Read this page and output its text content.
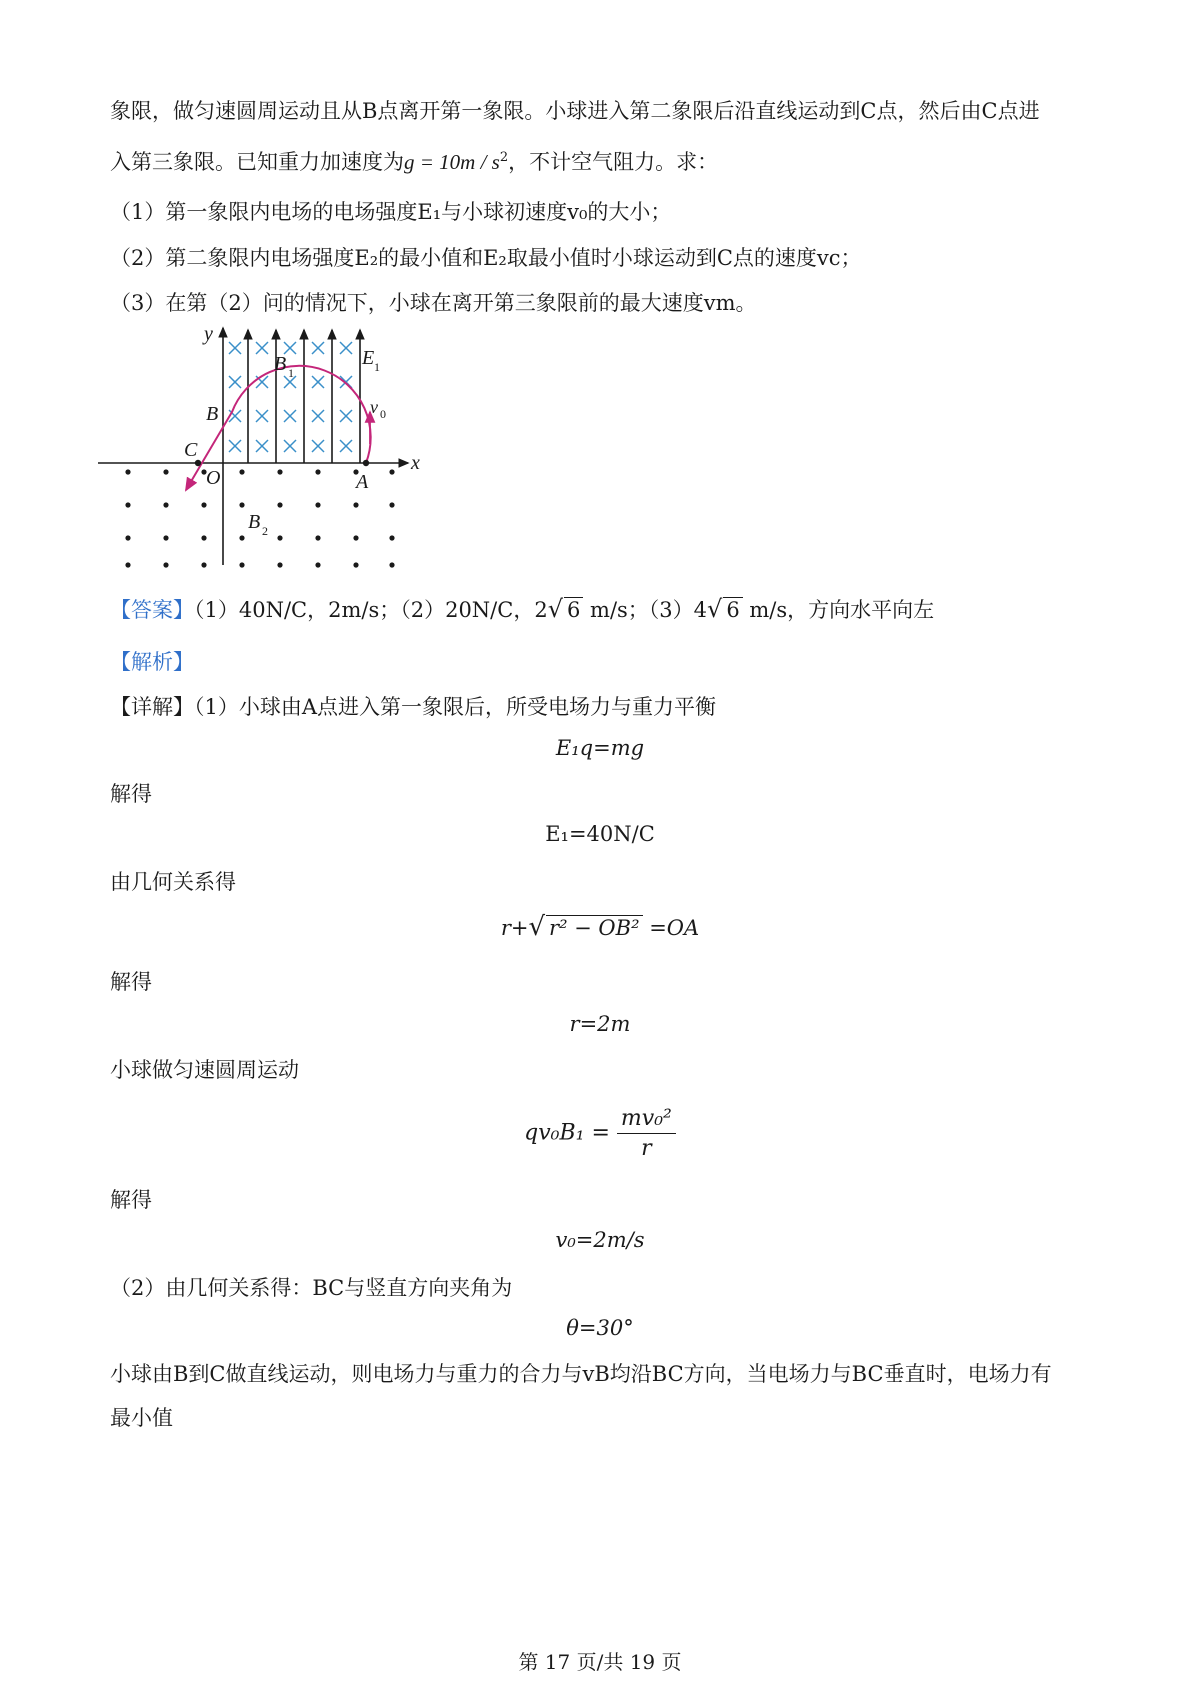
象限，做匀速圆周运动且从B点离开第一象限。小球进入第二象限后沿直线运动到C点，然后由C点进
入第三象限。已知重力加速度为$g = 10m / s^2$，不计空气阻力。求：
（1）第一象限内电场的电场强度E₁与小球初速度v₀的大小；
（2）第二象限内电场强度E₂的最小值和E₂取最小值时小球运动到C点的速度vc；
（3）在第（2）问的情况下，小球在离开第三象限前的最大速度vm。
y
x
O	A
B
C
B 1
E 1
v 0
B 2
【答案】（1）40N/C，2m/s；（2）20N/C，2√ 6 m/s；（3）4√ 6 m/s，方向水平向左
【解析】
【详解】（1）小球由A点进入第一象限后，所受电场力与重力平衡
E₁q=mg
解得
E₁=40N/C
由几何关系得
r+√ r² − OB² =OA
解得
r=2m
小球做匀速圆周运动
$qv_0B_1 = \frac{\text{mv₀²}}{r}$
解得
v₀=2m/s
（2）由几何关系得：BC与竖直方向夹角为
θ=30°
小球由B到C做直线运动，则电场力与重力的合力与vB均沿BC方向，当电场力与BC垂直时，电场力有
最小值
第 17 页/共 19 页
